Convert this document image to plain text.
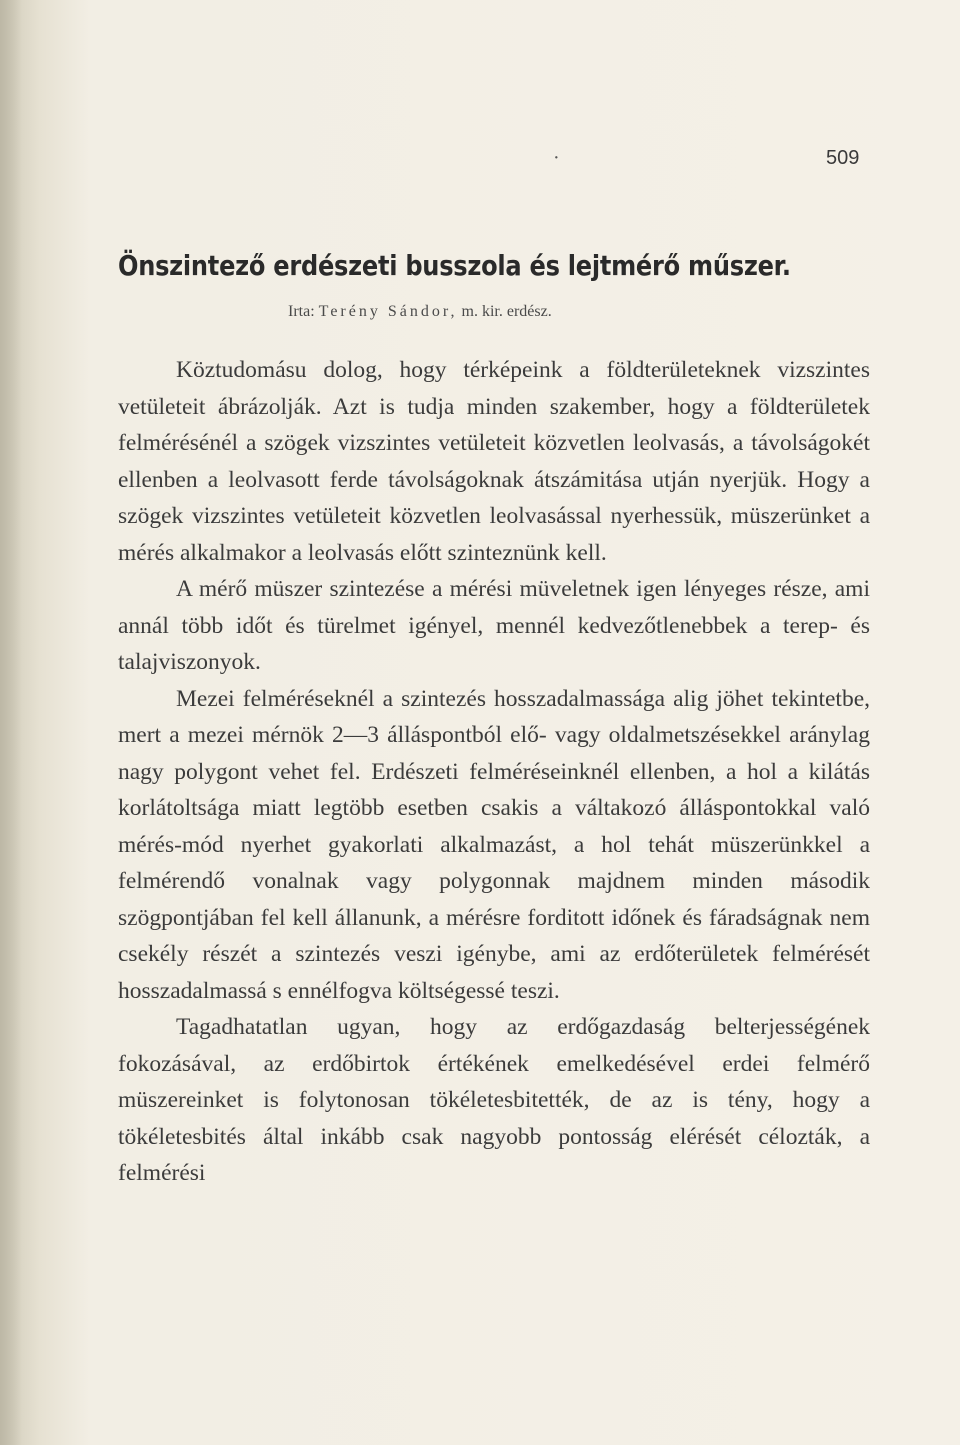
·	509
Önszintező erdészeti busszola és lejtmérő műszer.
Irta: Terény Sándor, m. kir. erdész.

Köztudomásu dolog, hogy térképeink a földterületeknek vizszintes vetületeit ábrázolják. Azt is tudja minden szakember, hogy a földterületek felmérésénél a szögek vizszintes vetületeit közvetlen leolvasás, a távolságokét ellenben a leolvasott ferde távolságoknak átszámitása utján nyerjük. Hogy a szögek vizszintes vetületeit közvetlen leolvasással nyerhessük, müszerünket a mérés alkalmakor a leolvasás előtt szinteznünk kell.

A mérő müszer szintezése a mérési müveletnek igen lényeges része, ami annál több időt és türelmet igényel, mennél kedvezőtlenebbek a terep- és talajviszonyok.

Mezei felméréseknél a szintezés hosszadalmassága alig jöhet tekintetbe, mert a mezei mérnök 2—3 álláspontból elő- vagy oldalmetszésekkel aránylag nagy polygont vehet fel. Erdészeti felméréseinknél ellenben, a hol a kilátás korlátoltsága miatt legtöbb esetben csakis a váltakozó álláspontokkal való mérés-mód nyerhet gyakorlati alkalmazást, a hol tehát müszerünkkel a felmérendő vonalnak vagy polygonnak majdnem minden második szögpontjában fel kell állanunk, a mérésre forditott időnek és fáradságnak nem csekély részét a szintezés veszi igénybe, ami az erdőterületek felmérését hosszadalmassá s ennélfogva költségessé teszi.

Tagadhatatlan ugyan, hogy az erdőgazdaság belterjességének fokozásával, az erdőbirtok értékének emelkedésével erdei felmérő müszereinket is folytonosan tökéletesbitették, de az is tény, hogy a tökéletesbités által inkább csak nagyobb pontosság elérését célozták, a felmérési
